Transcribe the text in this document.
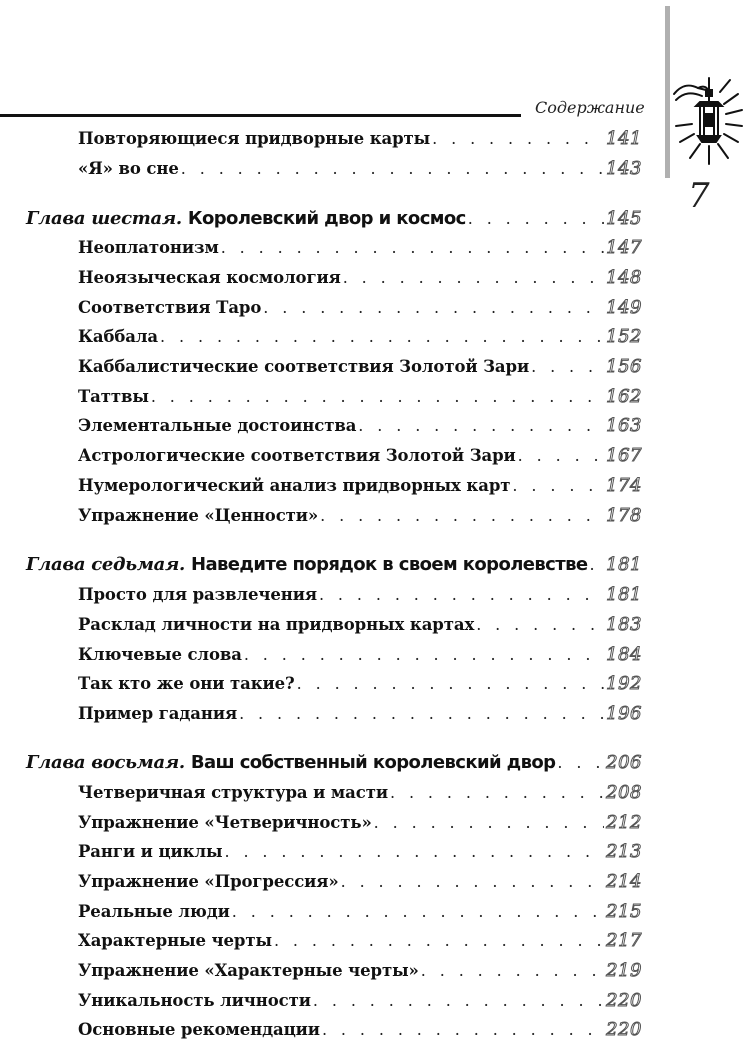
Содержание
7
Повторяющиеся придворные карты . . .	141
«Я» во сне . . .	143
Глава шестая. Королевский двор и космос . . .	145
Неоплатонизм . . .	147
Неоязыческая космология . . .	148
Соответствия Таро . . .	149
Каббала . . .	152
Каббалистические соответствия Золотой Зари . . .	156
Таттвы . . .	162
Элементальные достоинства . . .	163
Астрологические соответствия Золотой Зари . . .	167
Нумерологический анализ придворных карт . . .	174
Упражнение «Ценности» . . .	178
Глава седьмая. Наведите порядок в своем королевстве . . . 181
Просто для развлечения . . .	181
Расклад личности на придворных картах . . .	183
Ключевые слова . . .	184
Так кто же они такие? . . .	192
Пример гадания . . .	196
Глава восьмая. Ваш собственный королевский двор . . .	206
Четверичная структура и масти . . .	208
Упражнение «Четверичность» . . .	212
Ранги и циклы . . .	213
Упражнение «Прогрессия» . . .	214
Реальные люди . . .	215
Характерные черты . . .	217
Упражнение «Характерные черты» . . .	219
Уникальность личности . . .	220
Основные рекомендации . . .	220
